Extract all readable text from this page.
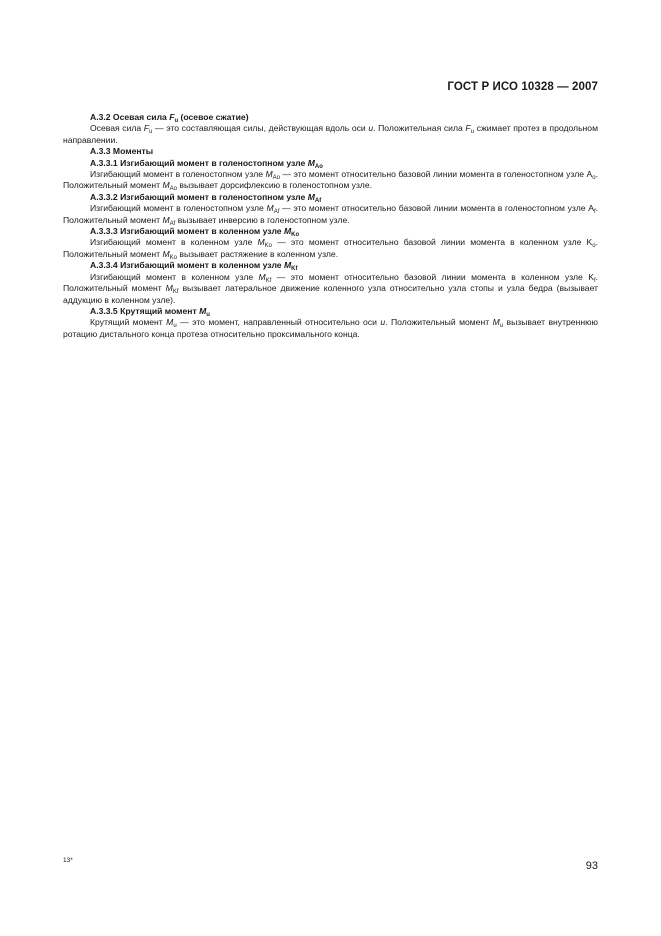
ГОСТ Р ИСО 10328 — 2007
А.3.2 Осевая сила $F_u$ (осевое сжатие)

Осевая сила $F_u$ — это составляющая силы, действующая вдоль оси u. Положительная сила $F_u$ сжимает протез в продольном направлении.

А.3.3 Моменты
А.3.3.1 Изгибающий момент в голеностопном узле $M_{Ao}$

Изгибающий момент в голеностопном узле $M_{Ao}$ — это момент относительно базовой линии момента в голеностопном узле $A_o$. Положительный момент $M_{Ao}$ вызывает дорсифлексию в голеностопном узле.

А.3.3.2 Изгибающий момент в голеностопном узле $M_{Af}$

Изгибающий момент в голеностопном узле $M_{Af}$ — это момент относительно базовой линии момента в голеностопном узле $A_f$. Положительный момент $M_{Af}$ вызывает инверсию в голеностопном узле.

А.3.3.3 Изгибающий момент в коленном узле $M_{Ko}$

Изгибающий момент в коленном узле $M_{Ko}$ — это момент относительно базовой линии момента в коленном узле $K_o$. Положительный момент $M_{Ko}$ вызывает растяжение в коленном узле.

А.3.3.4 Изгибающий момент в коленном узле $M_{Kf}$

Изгибающий момент в коленном узле $M_{Kf}$ — это момент относительно базовой линии момента в коленном узле $K_f$. Положительный момент $M_{Kf}$ вызывает латеральное движение коленного узла относительно узла стопы и узла бедра (вызывает аддукцию в коленном узле).

А.3.3.5 Крутящий момент $M_u$

Крутящий момент $M_u$ — это момент, направленный относительно оси u. Положительный момент $M_u$ вызывает внутреннюю ротацию дистального конца протеза относительно проксимального конца.

13*	93
